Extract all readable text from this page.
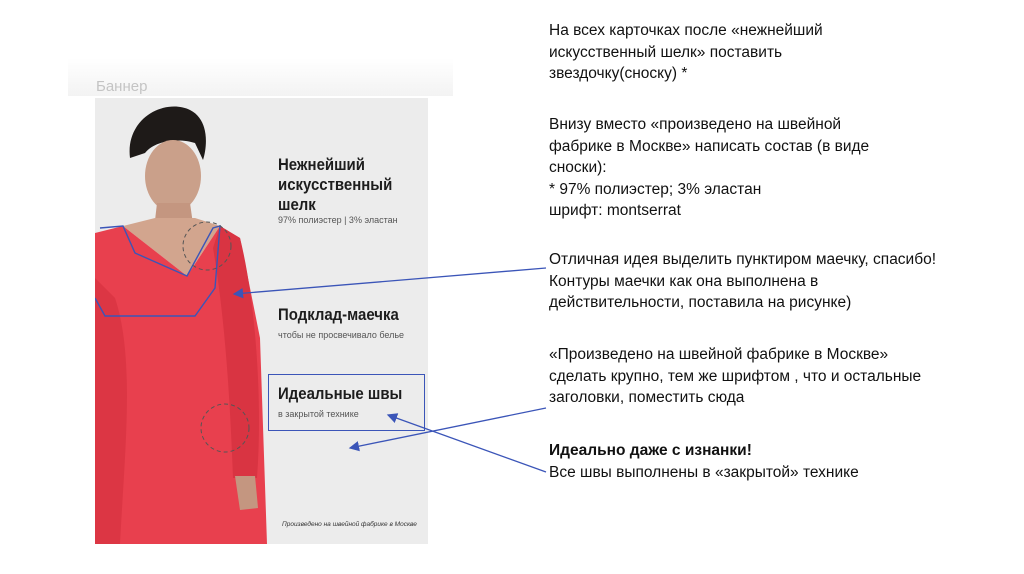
Баннер
Нежнейший
искусственный
шелк
97% полиэстер | 3% эластан
Подклад-маечка
чтобы не просвечивало белье
Идеальные швы
в закрытой технике
Произведено на швейной фабрике в Москве

На всех карточках после «нежнейший искусственный шелк» поставить звездочку(сноску) *

Внизу вместо «произведено на швейной фабрике в Москве» написать состав (в виде сноски):

* 97% полиэстер; 3% эластан

шрифт: montserrat

Отличная идея выделить пунктиром маечку, спасибо! Контуры маечки как она выполнена в действительности, поставила на рисунке)

«Произведено на швейной фабрике в Москве» сделать крупно, тем же шрифтом , что и остальные заголовки, поместить сюда

Идеально даже с изнанки!

Все швы выполнены в «закрытой» технике
